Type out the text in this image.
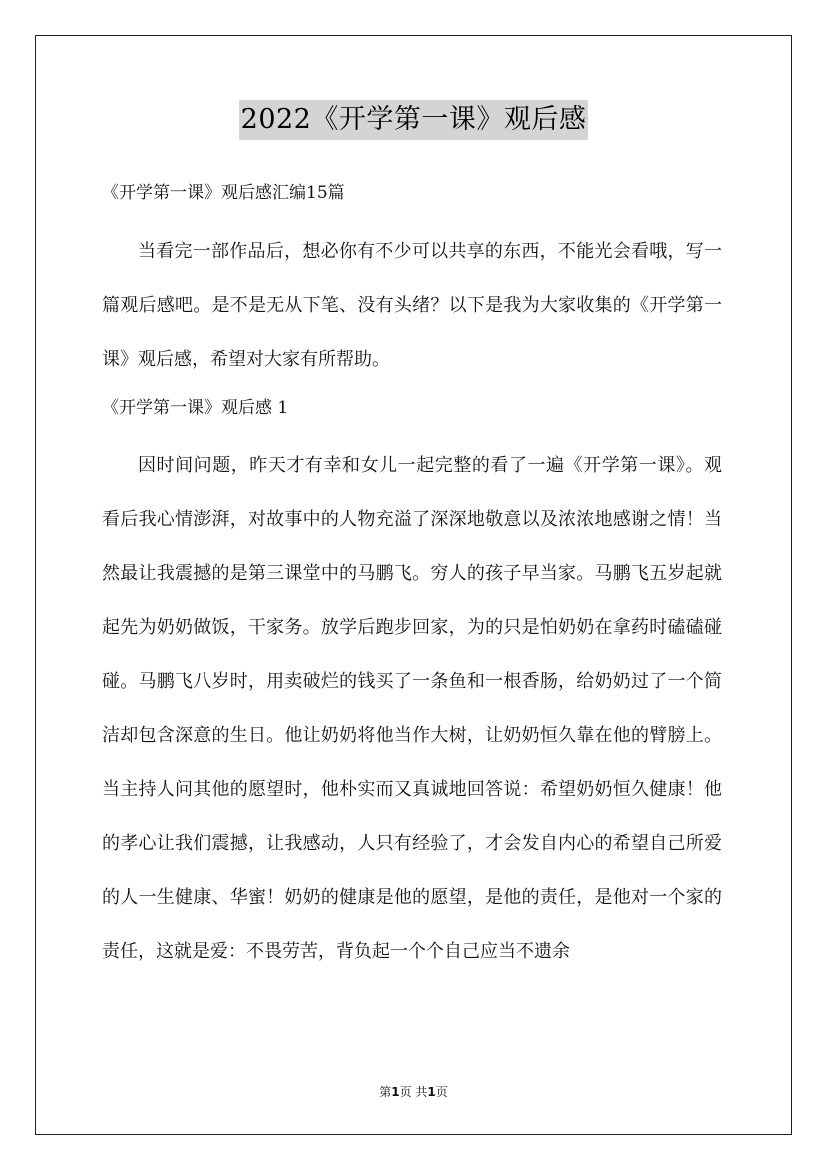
2022《开学第一课》观后感

《开学第一课》观后感汇编15篇

当看完一部作品后，想必你有不少可以共享的东西，不能光会看哦，写一篇观后感吧。是不是无从下笔、没有头绪？以下是我为大家收集的《开学第一课》观后感，希望对大家有所帮助。

《开学第一课》观后感 1

因时间问题，昨天才有幸和女儿一起完整的看了一遍《开学第一课》。观看后我心情澎湃，对故事中的人物充溢了深深地敬意以及浓浓地感谢之情！当然最让我震撼的是第三课堂中的马鹏飞。穷人的孩子早当家。马鹏飞五岁起就起先为奶奶做饭，干家务。放学后跑步回家，为的只是怕奶奶在拿药时磕磕碰碰。马鹏飞八岁时，用卖破烂的钱买了一条鱼和一根香肠，给奶奶过了一个简洁却包含深意的生日。他让奶奶将他当作大树，让奶奶恒久靠在他的臂膀上。当主持人问其他的愿望时，他朴实而又真诚地回答说：希望奶奶恒久健康！他的孝心让我们震撼，让我感动，人只有经验了，才会发自内心的希望自己所爱的人一生健康、华蜜！奶奶的健康是他的愿望，是他的责任，是他对一个家的责任，这就是爱：不畏劳苦，背负起一个个自己应当不遗余

第1页 共1页
